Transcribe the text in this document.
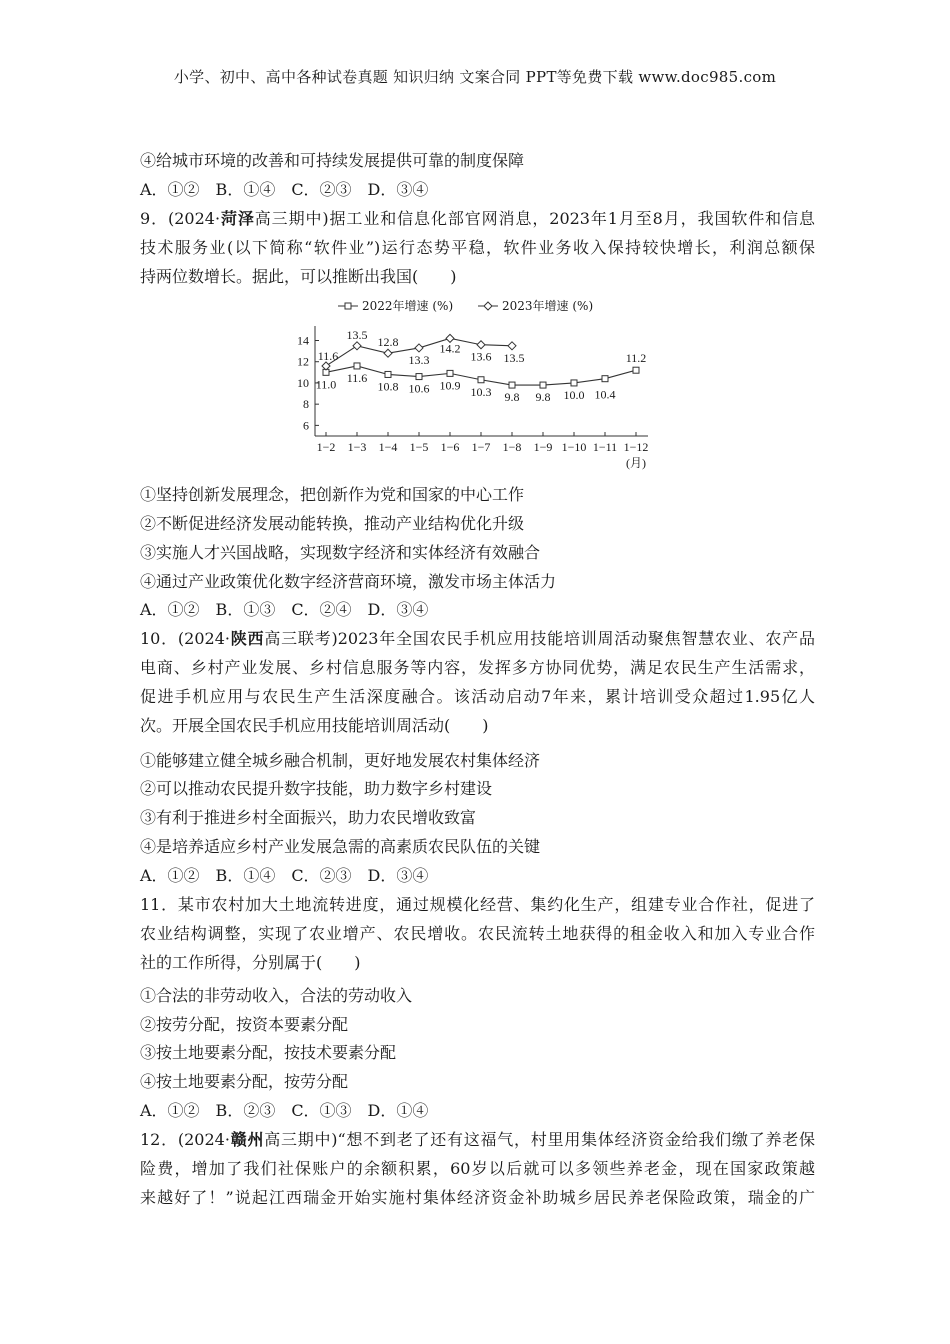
小学、初中、高中各种试卷真题 知识归纳 文案合同 PPT等免费下载 www.doc985.com
④给城市环境的改善和可持续发展提供可靠的制度保障
A．①②　B．①④　C．②③　D．③④
9．(2024·菏泽高三期中)据工业和信息化部官网消息，2023年1月至8月，我国软件和信息
技术服务业(以下简称“软件业”)运行态势平稳，软件业务收入保持较快增长，利润总额保
持两位数增长。据此，可以推断出我国(　　)
①坚持创新发展理念，把创新作为党和国家的中心工作
②不断促进经济发展动能转换，推动产业结构优化升级
③实施人才兴国战略，实现数字经济和实体经济有效融合
④通过产业政策优化数字经济营商环境，激发市场主体活力
A．①②　B．①③　C．②④　D．③④
10．(2024·陕西高三联考)2023年全国农民手机应用技能培训周活动聚焦智慧农业、农产品
电商、乡村产业发展、乡村信息服务等内容，发挥多方协同优势，满足农民生产生活需求，
促进手机应用与农民生产生活深度融合。该活动启动7年来，累计培训受众超过1.95亿人
次。开展全国农民手机应用技能培训周活动(　　)
①能够建立健全城乡融合机制，更好地发展农村集体经济
②可以推动农民提升数字技能，助力数字乡村建设
③有利于推进乡村全面振兴，助力农民增收致富
④是培养适应乡村产业发展急需的高素质农民队伍的关键
A．①②　B．①④　C．②③　D．③④
11．某市农村加大土地流转进度，通过规模化经营、集约化生产，组建专业合作社，促进了
农业结构调整，实现了农业增产、农民增收。农民流转土地获得的租金收入和加入专业合作
社的工作所得，分别属于(　　)
①合法的非劳动收入，合法的劳动收入
②按劳分配，按资本要素分配
③按土地要素分配，按技术要素分配
④按土地要素分配，按劳分配
A．①②　B．②③　C．①③　D．①④
12．(2024·赣州高三期中)“想不到老了还有这福气，村里用集体经济资金给我们缴了养老保
险费，增加了我们社保账户的余额积累，60岁以后就可以多领些养老金，现在国家政策越
来越好了！”说起江西瑞金开始实施村集体经济资金补助城乡居民养老保险政策，瑞金的广
6
8
10
12
14
1−2 1−3 1−4 1−5 1−6 1−7 1−8 1−9 1−10 1−11 1−12
(月)
2022年增速 (%)	2023年增速 (%)
11.0 11.6
10.8 10.6 10.9 10.3 9.8 9.8 10.0 10.4
11.2
11.6
13.5
12.8
13.3
14.2
13.6 13.5
